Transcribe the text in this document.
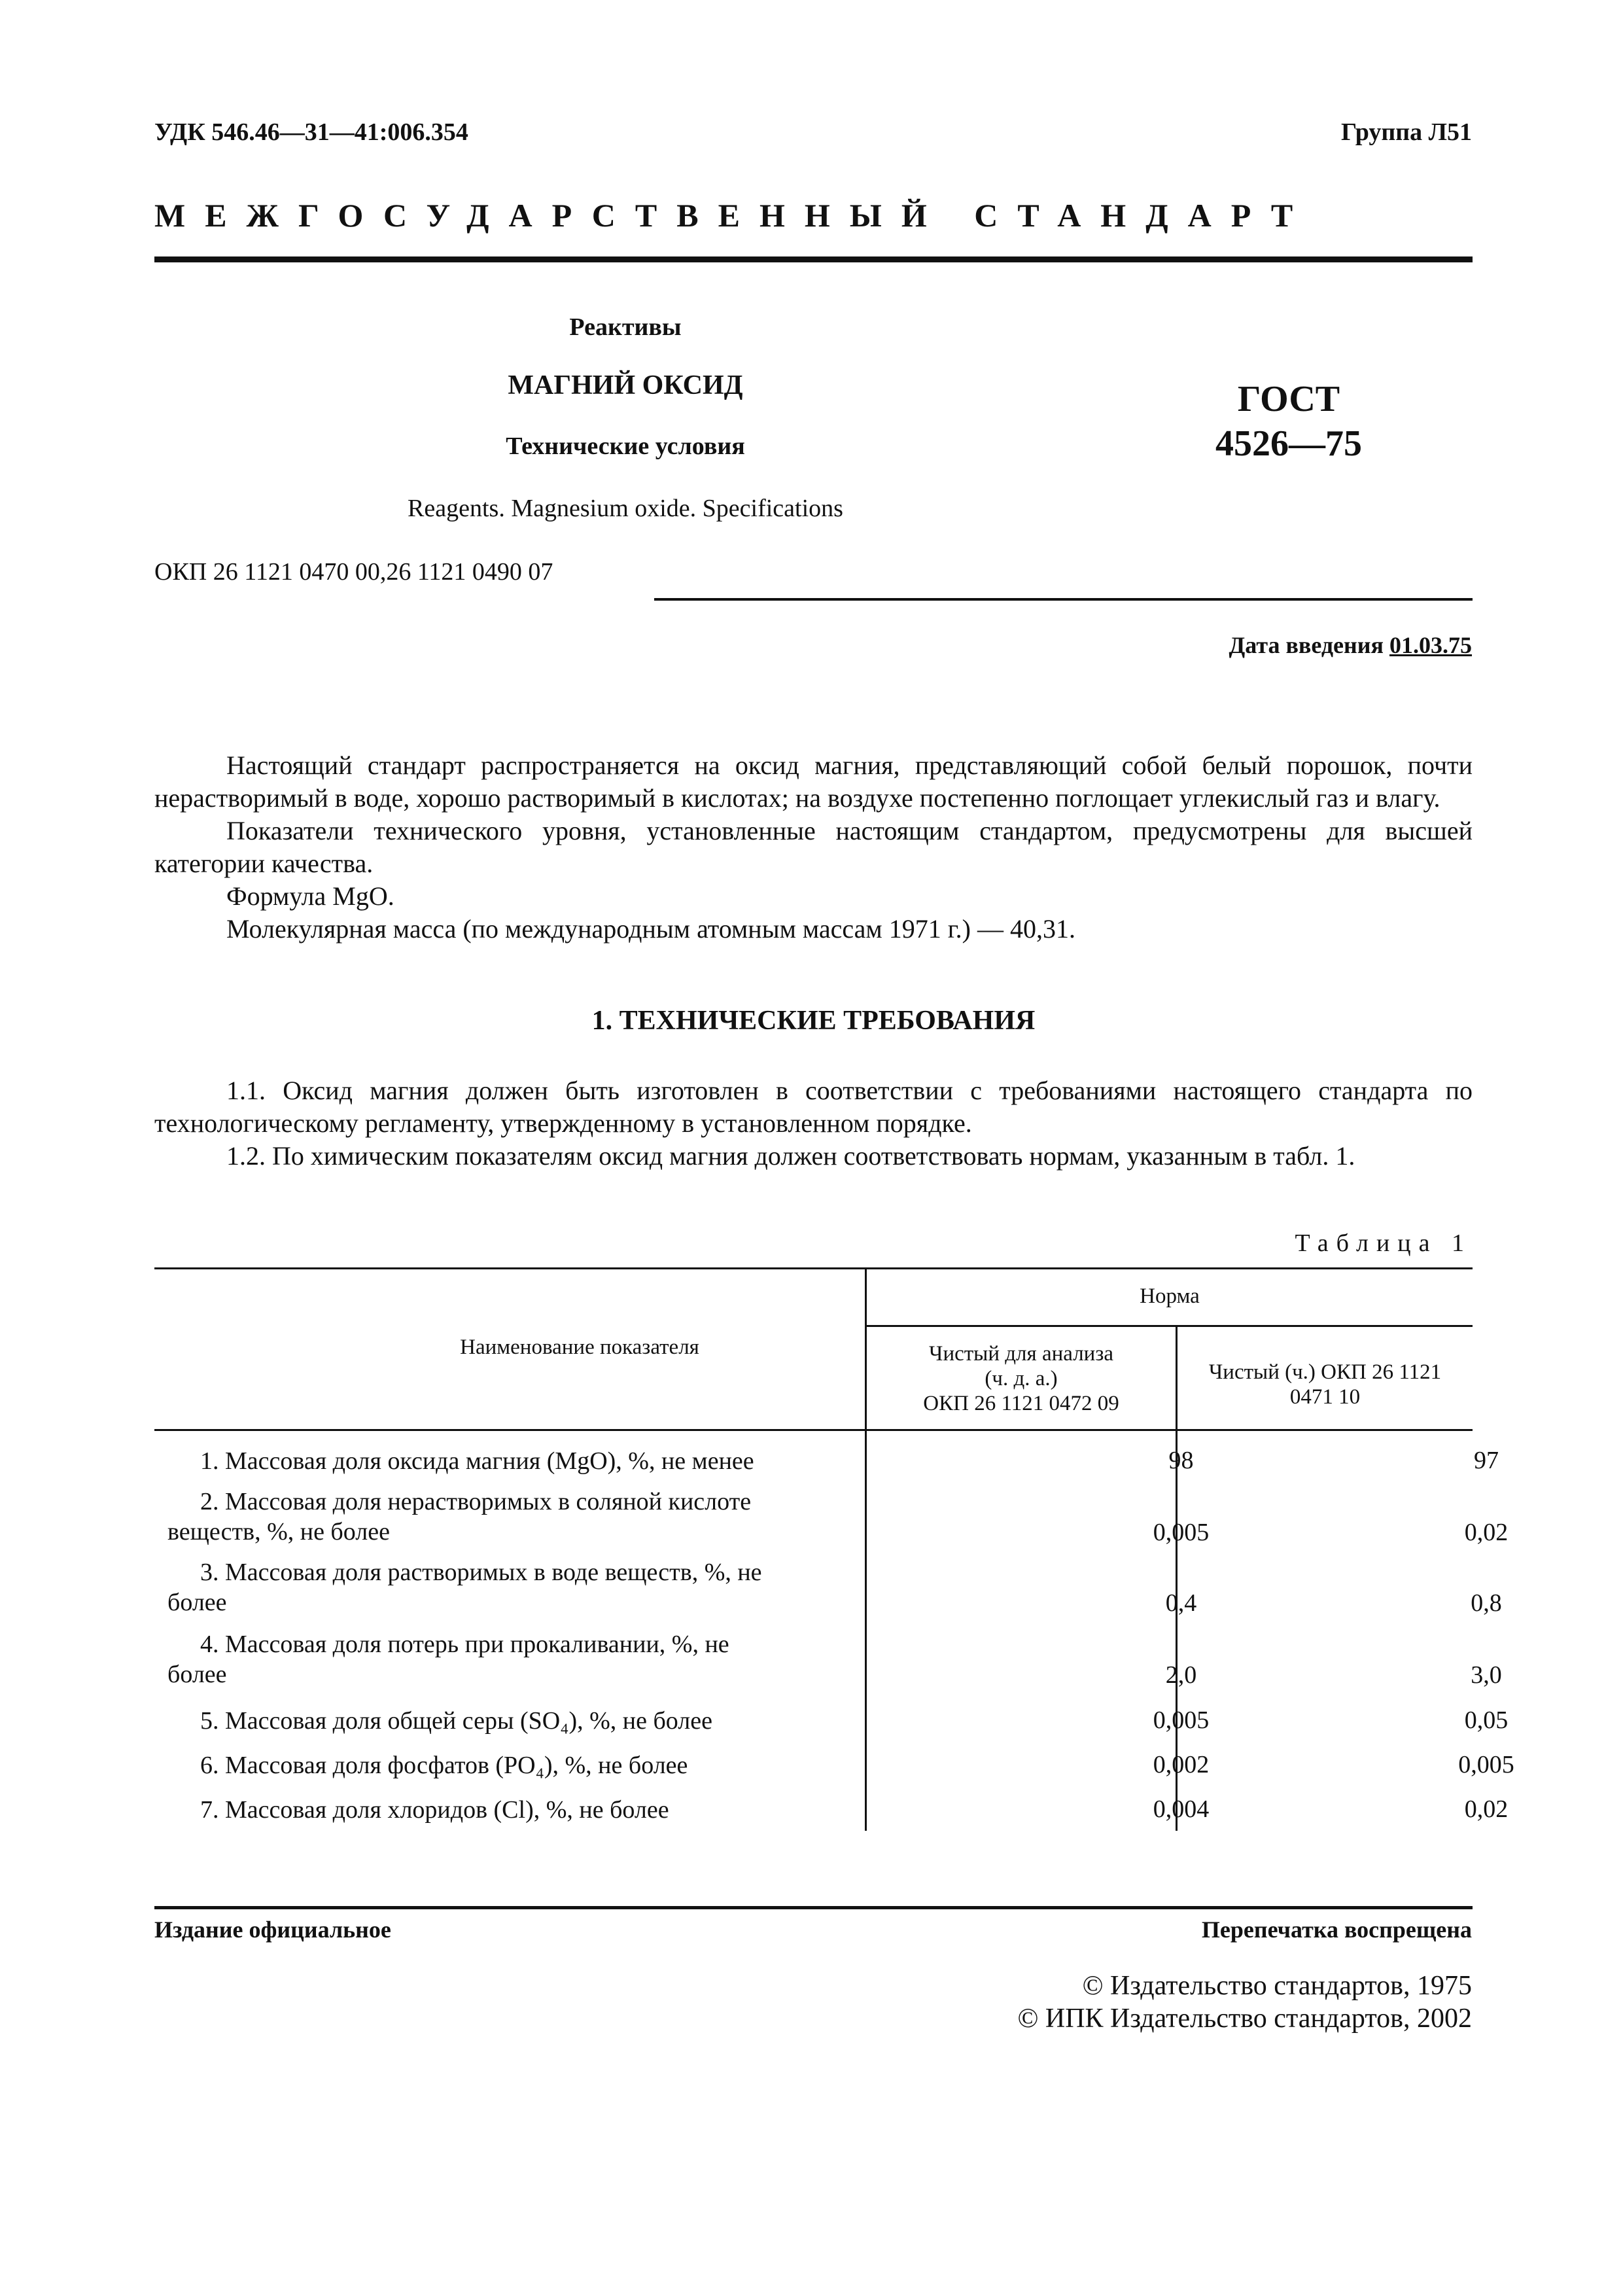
УДК 546.46—31—41:006.354	Группа Л51
МЕЖГОСУДАРСТВЕННЫЙ СТАНДАРТ
Реактивы
МАГНИЙ ОКСИД
Технические условия
Reagents. Magnesium oxide. Specifications
ГОСТ
4526—75
ОКП 26 1121 0470 00,26 1121 0490 07
Дата введения 01.03.75

Настоящий стандарт распространяется на оксид магния, представляющий собой белый порошок, почти нерастворимый в воде, хорошо растворимый в кислотах; на воздухе постепенно поглощает углекислый газ и влагу.

Показатели технического уровня, установленные настоящим стандартом, предусмотрены для высшей категории качества.

Формула MgO.

Молекулярная масса (по международным атомным массам 1971 г.) — 40,31.

1. ТЕХНИЧЕСКИЕ ТРЕБОВАНИЯ

1.1. Оксид магния должен быть изготовлен в соответствии с требованиями настоящего стандарта по технологическому регламенту, утвержденному в установленном порядке.

1.2. По химическим показателям оксид магния должен соответствовать нормам, указанным в табл. 1.

Таблица 1
Наименование показателя
Норма
Чистый для анализа
(ч. д. а.)
ОКП 26 1121 0472 09
Чистый (ч.) ОКП 26 1121
0471 10
1. Массовая доля оксида магния (MgO), %, не менее	98	97
2. Массовая доля нерастворимых в соляной кислоте
веществ, %, не более	0,005	0,02
3. Массовая доля растворимых в воде веществ, %, не
более	0,4	0,8
4. Массовая доля потерь при прокаливании, %, не
более	2,0	3,0
5. Массовая доля общей серы (SO₄), %, не более	0,005	0,05
6. Массовая доля фосфатов (PO₄), %, не более	0,002	0,005
7. Массовая доля хлоридов (Cl), %, не более	0,004	0,02
Издание официальное	Перепечатка воспрещена
© Издательство стандартов, 1975
© ИПК Издательство стандартов, 2002
